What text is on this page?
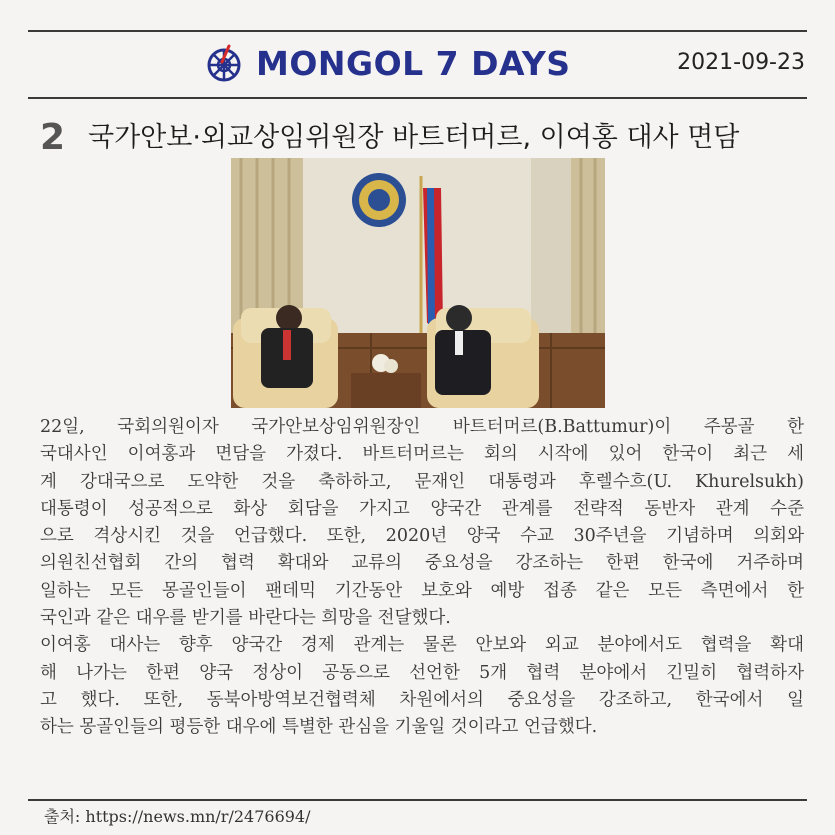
MONGOL 7 DAYS	2021-09-23
2 국가안보·외교상임위원장 바트터머르, 이여홍 대사 면담

22일, 국회의원이자 국가안보상임위원장인 바트터머르(B.Battumur)이 주몽골 한
국대사인 이여홍과 면담을 가졌다. 바트터머르는 회의 시작에 있어 한국이 최근 세
계 강대국으로 도약한 것을 축하하고, 문재인 대통령과 후렐수흐(U. Khurelsukh)
대통령이 성공적으로 화상 회담을 가지고 양국간 관계를 전략적 동반자 관계 수준
으로 격상시킨 것을 언급했다. 또한, 2020년 양국 수교 30주년을 기념하며 의회와
의원친선협회 간의 협력 확대와 교류의 중요성을 강조하는 한편 한국에 거주하며
일하는 모든 몽골인들이 팬데믹 기간동안 보호와 예방 접종 같은 모든 측면에서 한
국인과 같은 대우를 받기를 바란다는 희망을 전달했다.

이여홍 대사는 향후 양국간 경제 관계는 물론 안보와 외교 분야에서도 협력을 확대
해 나가는 한편 양국 정상이 공동으로 선언한 5개 협력 분야에서 긴밀히 협력하자
고 했다. 또한, 동북아방역보건협력체 차원에서의 중요성을 강조하고, 한국에서 일
하는 몽골인들의 평등한 대우에 특별한 관심을 기울일 것이라고 언급했다.

출처: https://news.mn/r/2476694/
